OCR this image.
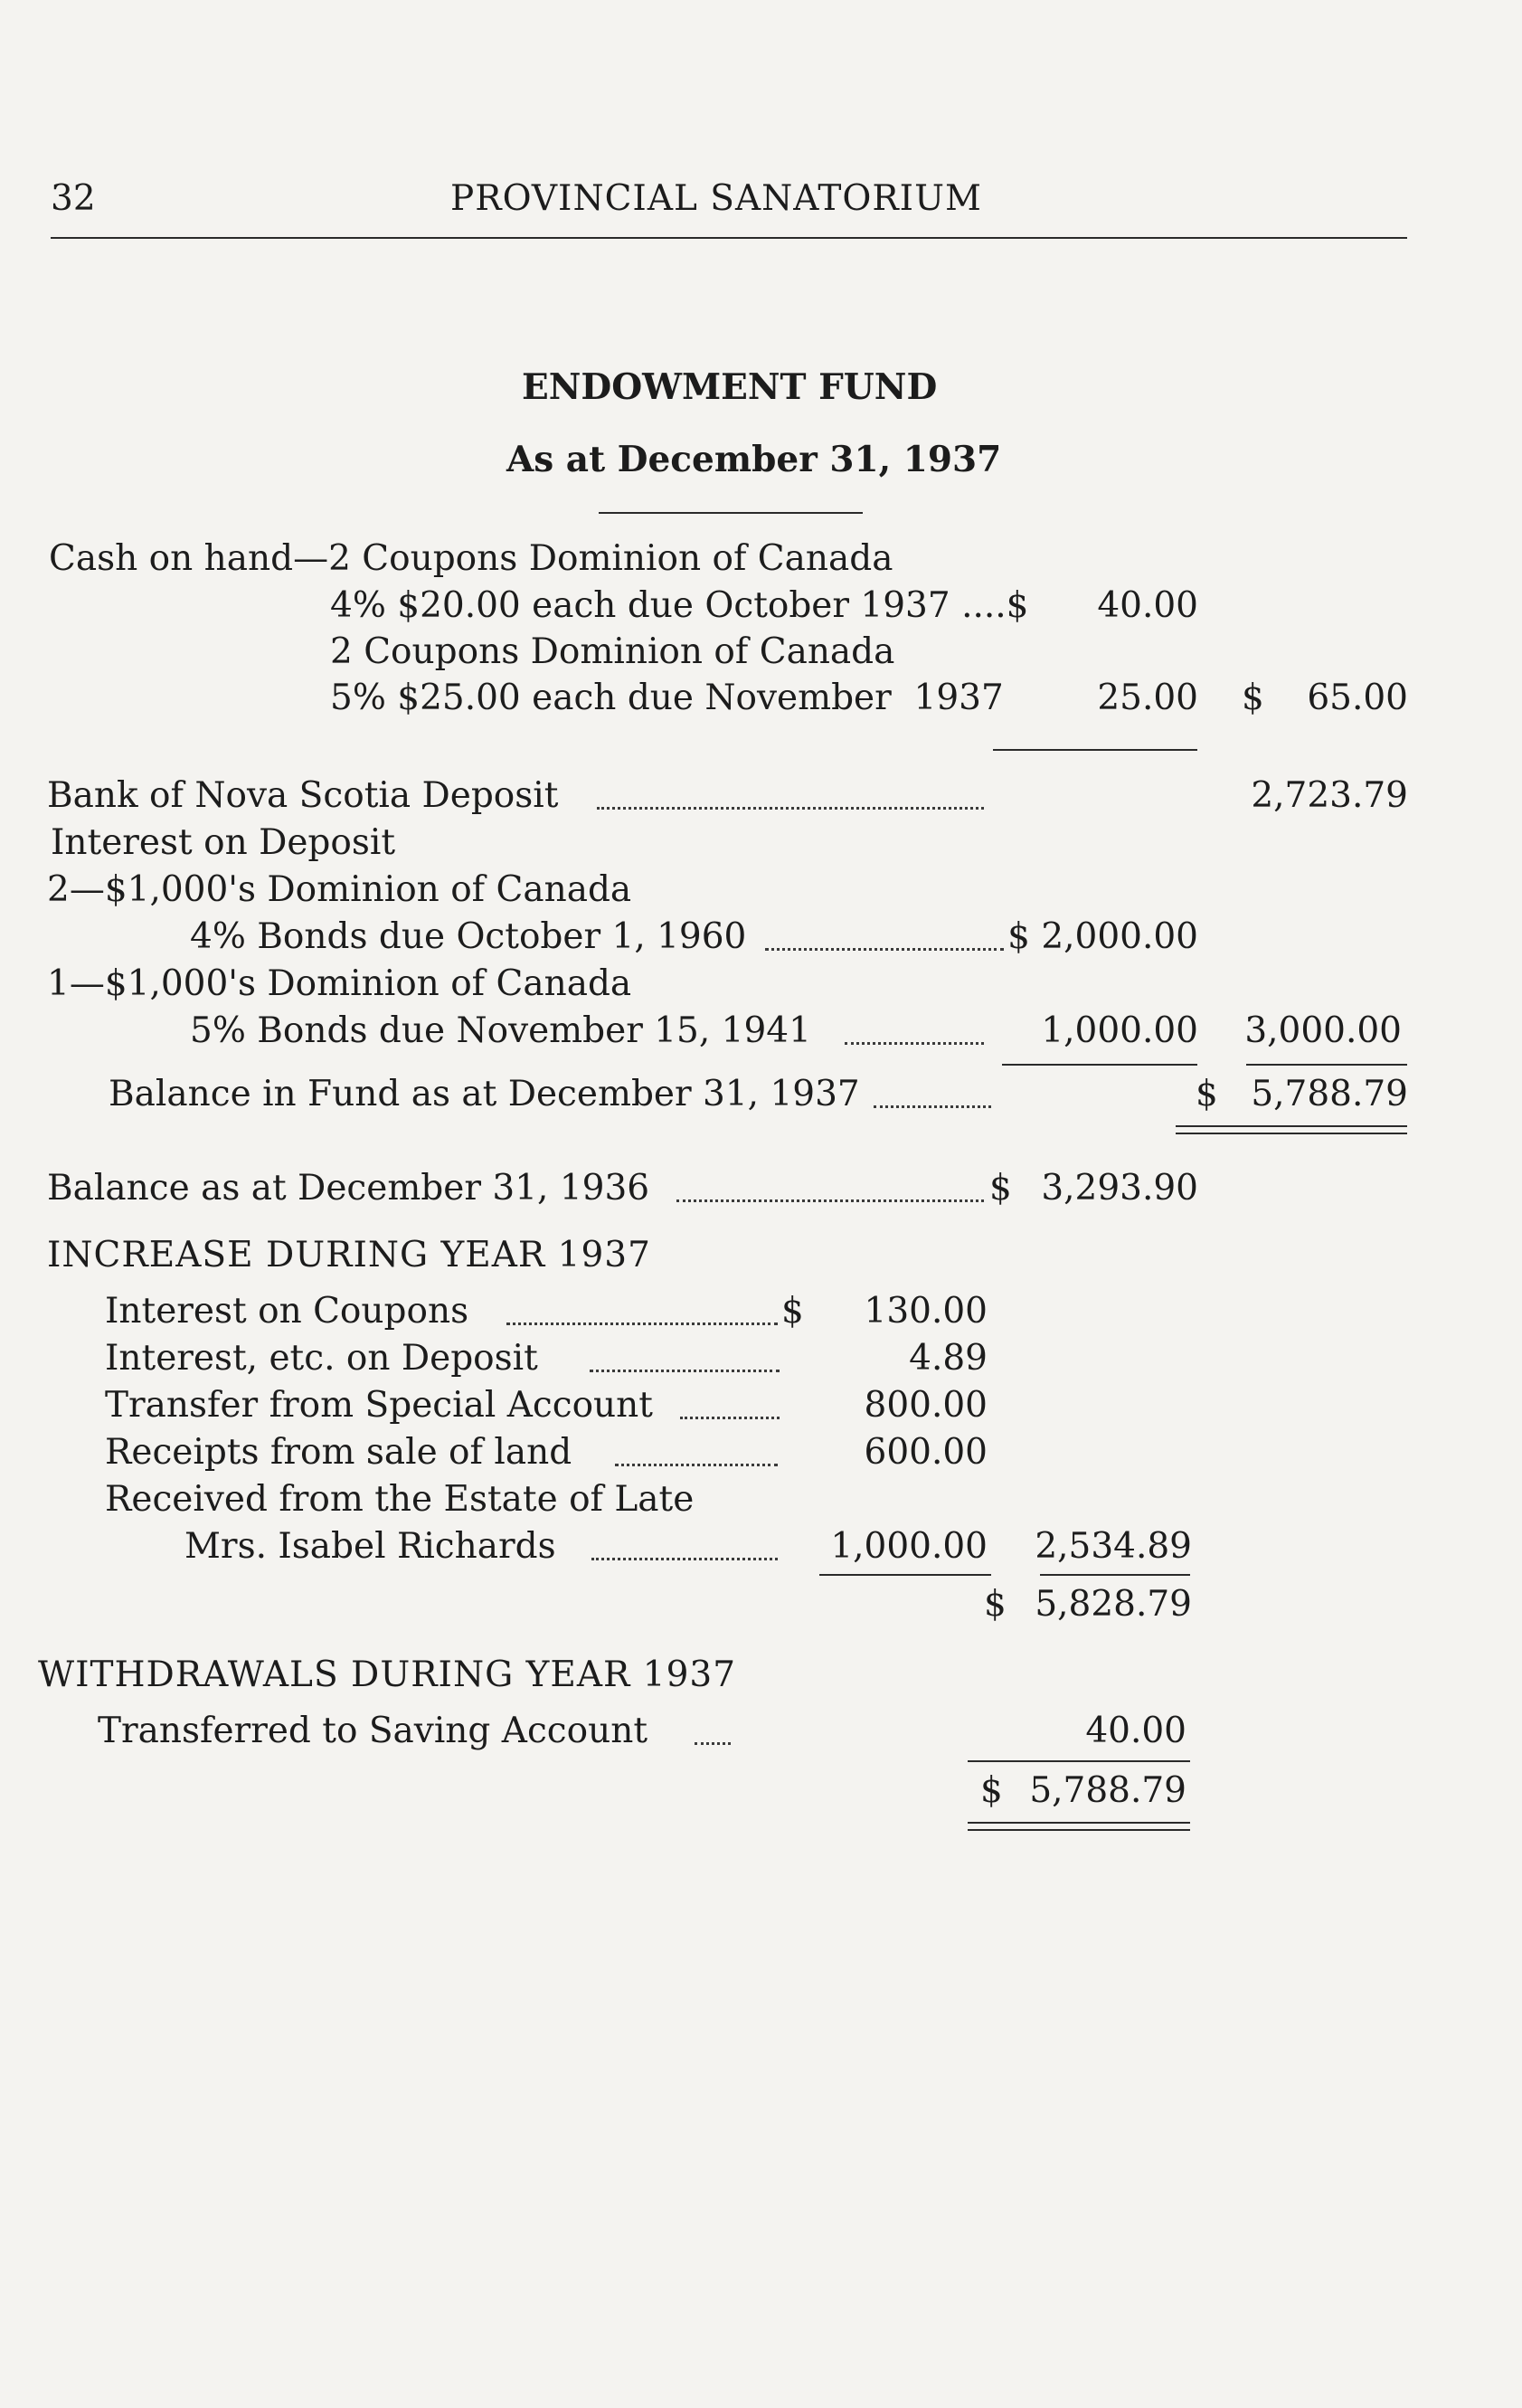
32	PROVINCIAL SANATORIUM
ENDOWMENT FUND
As at December 31, 1937
Cash on hand—2 Coupons Dominion of Canada
4% $20.00 each due October 1937 ....$	40.00
2 Coupons Dominion of Canada
5% $25.00 each due November  1937	25.00 $	65.00
Bank of Nova Scotia Deposit	2,723.79
Interest on Deposit
2—$1,000's Dominion of Canada
4% Bonds due October 1, 1960	$ 2,000.00
1—$1,000's Dominion of Canada
5% Bonds due November 15, 1941	1,000.00	3,000.00
Balance in Fund as at December 31, 1937	$ 5,788.79
Balance as at December 31, 1936	$ 3,293.90
INCREASE DURING YEAR 1937
Interest on Coupons	$	130.00
Interest, etc. on Deposit	4.89
Transfer from Special Account	800.00
Receipts from sale of land	600.00
Received from the Estate of Late
Mrs. Isabel Richards	1,000.00	2,534.89
$ 5,828.79
WITHDRAWALS DURING YEAR 1937
Transferred to Saving Account	40.00
$ 5,788.79
